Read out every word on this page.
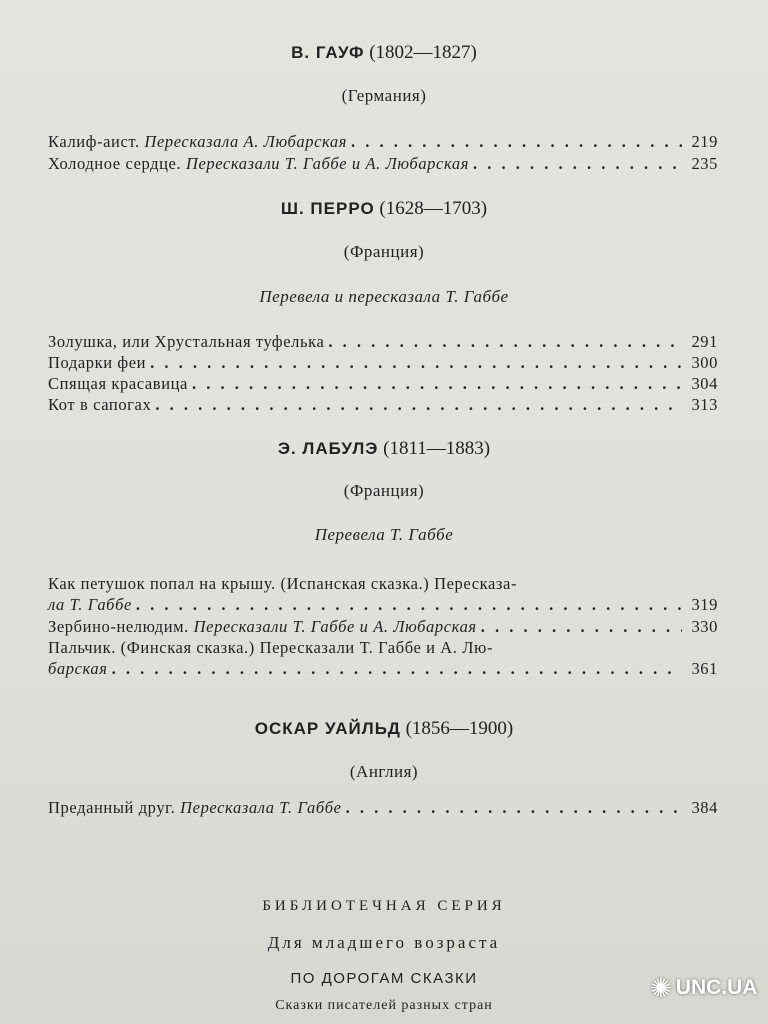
В. ГАУФ (1802—1827)
(Германия)
Калиф-аист.
Пересказала А. Любарская . . .	219
Холодное сердце.
Пересказали Т. Габбе и А. Любарская . . .	235
Ш. ПЕРРО (1628—1703)
(Франция)
Перевела и пересказала Т. Габбе
Золушка, или Хрустальная туфелька . . .	291
Подарки феи . . .	300
Спящая красавица . . .	304
Кот в сапогах . . .	313
Э. ЛАБУЛЭ (1811—1883)
(Франция)
Перевела Т. Габбе
Как петушок попал на крышу. (Испанская сказка.) Пересказа-
ла Т. Габбе . . .	319
Зербино-нелюдим.
Пересказали Т. Габбе и А. Любарская . . .	330
Пальчик. (Финская сказка.) Пересказали Т. Габбе и А. Лю-
барская . . .	361
ОСКАР УАЙЛЬД (1856—1900)
(Англия)
Преданный друг.
Пересказала Т. Габбе . . .	384
БИБЛИОТЕЧНАЯ СЕРИЯ
Для младшего возраста
ПО ДОРОГАМ СКАЗКИ
Сказки писателей разных стран
✺ UNC.UA
